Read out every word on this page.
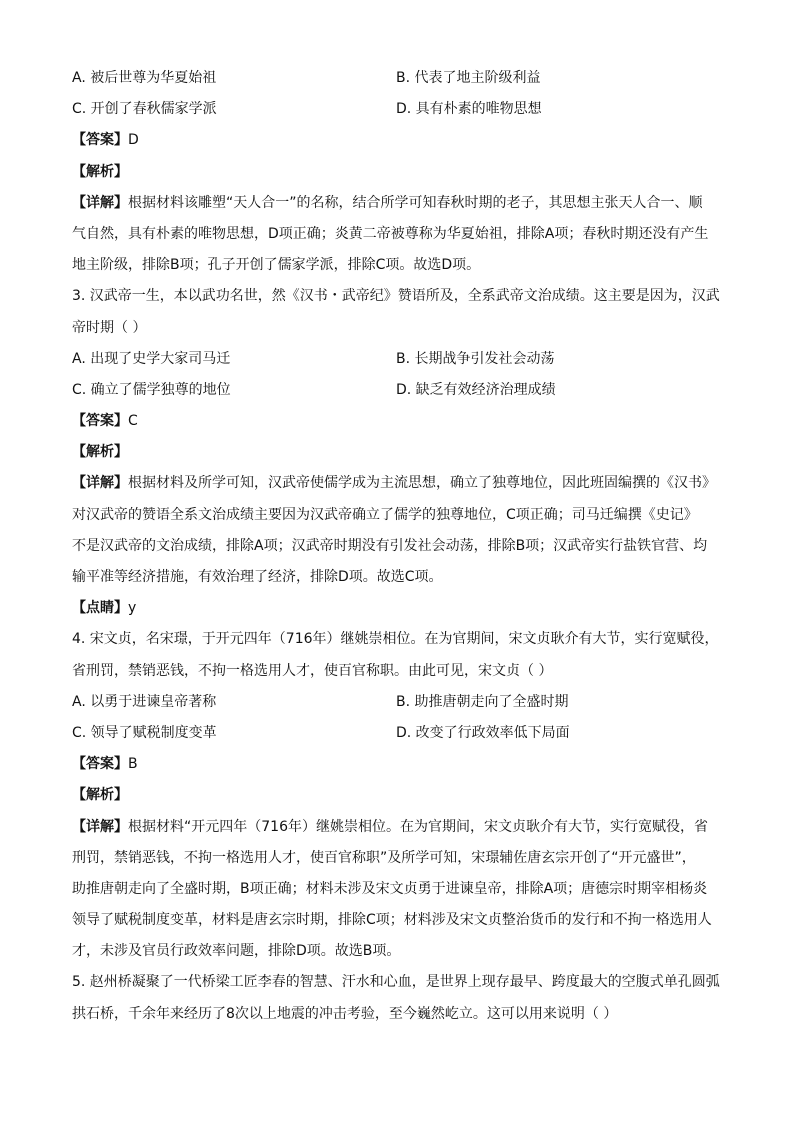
A. 被后世尊为华夏始祖	B. 代表了地主阶级利益
C. 开创了春秋儒家学派	D. 具有朴素的唯物思想
【答案】D
【解析】
【详解】根据材料该雕塑“天人合一”的名称，结合所学可知春秋时期的老子，其思想主张天人合一、顺
气自然，具有朴素的唯物思想，D项正确；炎黄二帝被尊称为华夏始祖，排除A项；春秋时期还没有产生
地主阶级，排除B项；孔子开创了儒家学派，排除C项。故选D项。
3. 汉武帝一生，本以武功名世，然《汉书・武帝纪》赞语所及，全系武帝文治成绩。这主要是因为，汉武
帝时期（ ）
A. 出现了史学大家司马迁	B. 长期战争引发社会动荡
C. 确立了儒学独尊的地位	D. 缺乏有效经济治理成绩
【答案】C
【解析】
【详解】根据材料及所学可知，汉武帝使儒学成为主流思想，确立了独尊地位，因此班固编撰的《汉书》
对汉武帝的赞语全系文治成绩主要因为汉武帝确立了儒学的独尊地位，C项正确；司马迁编撰《史记》
不是汉武帝的文治成绩，排除A项；汉武帝时期没有引发社会动荡，排除B项；汉武帝实行盐铁官营、均
输平准等经济措施，有效治理了经济，排除D项。故选C项。
【点睛】y
4. 宋文贞，名宋璟，于开元四年（716年）继姚崇相位。在为官期间，宋文贞耿介有大节，实行宽赋役，
省刑罚，禁销恶钱，不拘一格选用人才，使百官称职。由此可见，宋文贞（ ）
A. 以勇于进谏皇帝著称	B. 助推唐朝走向了全盛时期
C. 领导了赋税制度变革	D. 改变了行政效率低下局面
【答案】B
【解析】
【详解】根据材料“开元四年（716年）继姚崇相位。在为官期间，宋文贞耿介有大节，实行宽赋役，省
刑罚，禁销恶钱，不拘一格选用人才，使百官称职”及所学可知，宋璟辅佐唐玄宗开创了“开元盛世”，
助推唐朝走向了全盛时期，B项正确；材料未涉及宋文贞勇于进谏皇帝，排除A项；唐德宗时期宰相杨炎
领导了赋税制度变革，材料是唐玄宗时期，排除C项；材料涉及宋文贞整治货币的发行和不拘一格选用人
才，未涉及官员行政效率问题，排除D项。故选B项。
5. 赵州桥凝聚了一代桥梁工匠李春的智慧、汗水和心血，是世界上现存最早、跨度最大的空腹式单孔圆弧
拱石桥，千余年来经历了8次以上地震的冲击考验，至今巍然屹立。这可以用来说明（ ）
